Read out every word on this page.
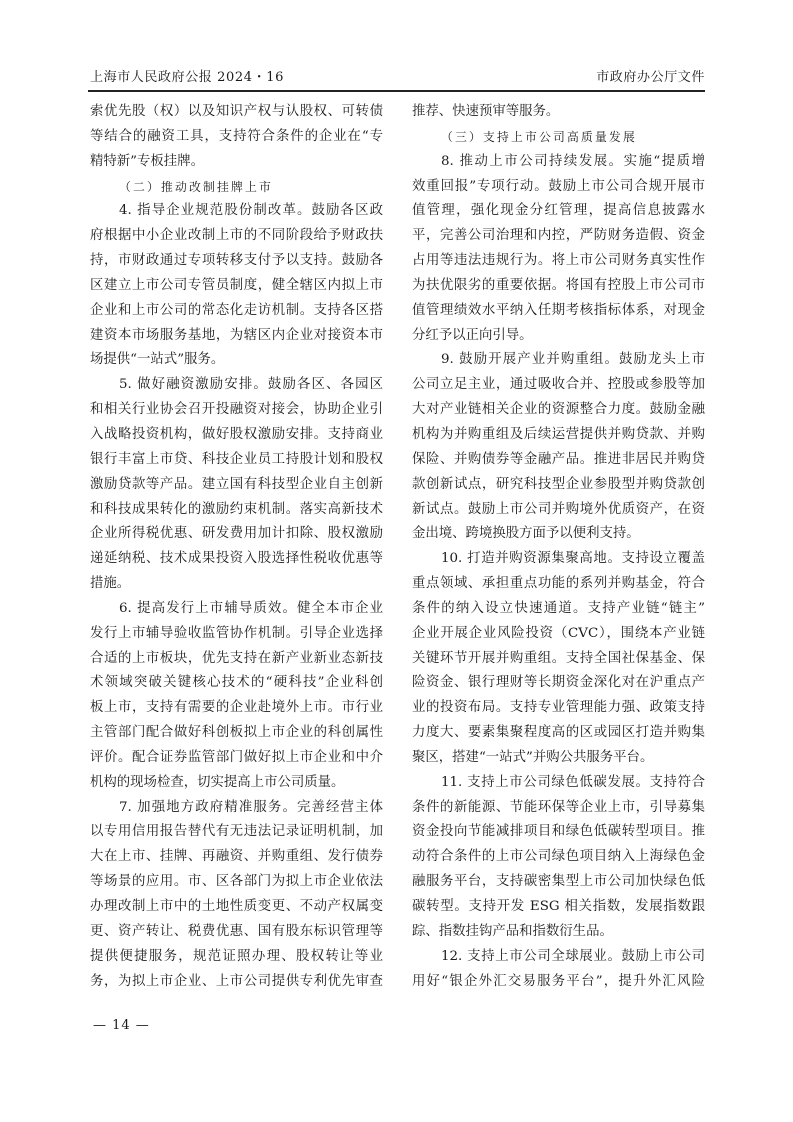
上海市人民政府公报 2024・16	市政府办公厅文件
索优先股（权）以及知识产权与认股权、可转债
等结合的融资工具，支持符合条件的企业在“专
精特新”专板挂牌。
（二）推动改制挂牌上市
4. 指导企业规范股份制改革。鼓励各区政
府根据中小企业改制上市的不同阶段给予财政扶
持，市财政通过专项转移支付予以支持。鼓励各
区建立上市公司专管员制度，健全辖区内拟上市
企业和上市公司的常态化走访机制。支持各区搭
建资本市场服务基地，为辖区内企业对接资本市
场提供“一站式”服务。
5. 做好融资激励安排。鼓励各区、各园区
和相关行业协会召开投融资对接会，协助企业引
入战略投资机构，做好股权激励安排。支持商业
银行丰富上市贷、科技企业员工持股计划和股权
激励贷款等产品。建立国有科技型企业自主创新
和科技成果转化的激励约束机制。落实高新技术
企业所得税优惠、研发费用加计扣除、股权激励
递延纳税、技术成果投资入股选择性税收优惠等
措施。
6. 提高发行上市辅导质效。健全本市企业
发行上市辅导验收监管协作机制。引导企业选择
合适的上市板块，优先支持在新产业新业态新技
术领域突破关键核心技术的“硬科技”企业科创
板上市，支持有需要的企业赴境外上市。市行业
主管部门配合做好科创板拟上市企业的科创属性
评价。配合证券监管部门做好拟上市企业和中介
机构的现场检查，切实提高上市公司质量。
7. 加强地方政府精准服务。完善经营主体
以专用信用报告替代有无违法记录证明机制，加
大在上市、挂牌、再融资、并购重组、发行债券
等场景的应用。市、区各部门为拟上市企业依法
办理改制上市中的土地性质变更、不动产权属变
更、资产转让、税费优惠、国有股东标识管理等
提供便捷服务，规范证照办理、股权转让等业
务，为拟上市企业、上市公司提供专利优先审查
推荐、快速预审等服务。
（三）支持上市公司高质量发展
8. 推动上市公司持续发展。实施“提质增
效重回报”专项行动。鼓励上市公司合规开展市
值管理，强化现金分红管理，提高信息披露水
平，完善公司治理和内控，严防财务造假、资金
占用等违法违规行为。将上市公司财务真实性作
为扶优限劣的重要依据。将国有控股上市公司市
值管理绩效水平纳入任期考核指标体系，对现金
分红予以正向引导。
9. 鼓励开展产业并购重组。鼓励龙头上市
公司立足主业，通过吸收合并、控股或参股等加
大对产业链相关企业的资源整合力度。鼓励金融
机构为并购重组及后续运营提供并购贷款、并购
保险、并购债券等金融产品。推进非居民并购贷
款创新试点，研究科技型企业参股型并购贷款创
新试点。鼓励上市公司并购境外优质资产，在资
金出境、跨境换股方面予以便利支持。
10. 打造并购资源集聚高地。支持设立覆盖
重点领域、承担重点功能的系列并购基金，符合
条件的纳入设立快速通道。支持产业链“链主”
企业开展企业风险投资（CVC），围绕本产业链
关键环节开展并购重组。支持全国社保基金、保
险资金、银行理财等长期资金深化对在沪重点产
业的投资布局。支持专业管理能力强、政策支持
力度大、要素集聚程度高的区或园区打造并购集
聚区，搭建“一站式”并购公共服务平台。
11. 支持上市公司绿色低碳发展。支持符合
条件的新能源、节能环保等企业上市，引导募集
资金投向节能减排项目和绿色低碳转型项目。推
动符合条件的上市公司绿色项目纳入上海绿色金
融服务平台，支持碳密集型上市公司加快绿色低
碳转型。支持开发 ESG 相关指数，发展指数跟
踪、指数挂钩产品和指数衍生品。
12. 支持上市公司全球展业。鼓励上市公司
用好“银企外汇交易服务平台”，提升外汇风险
— 14 —
